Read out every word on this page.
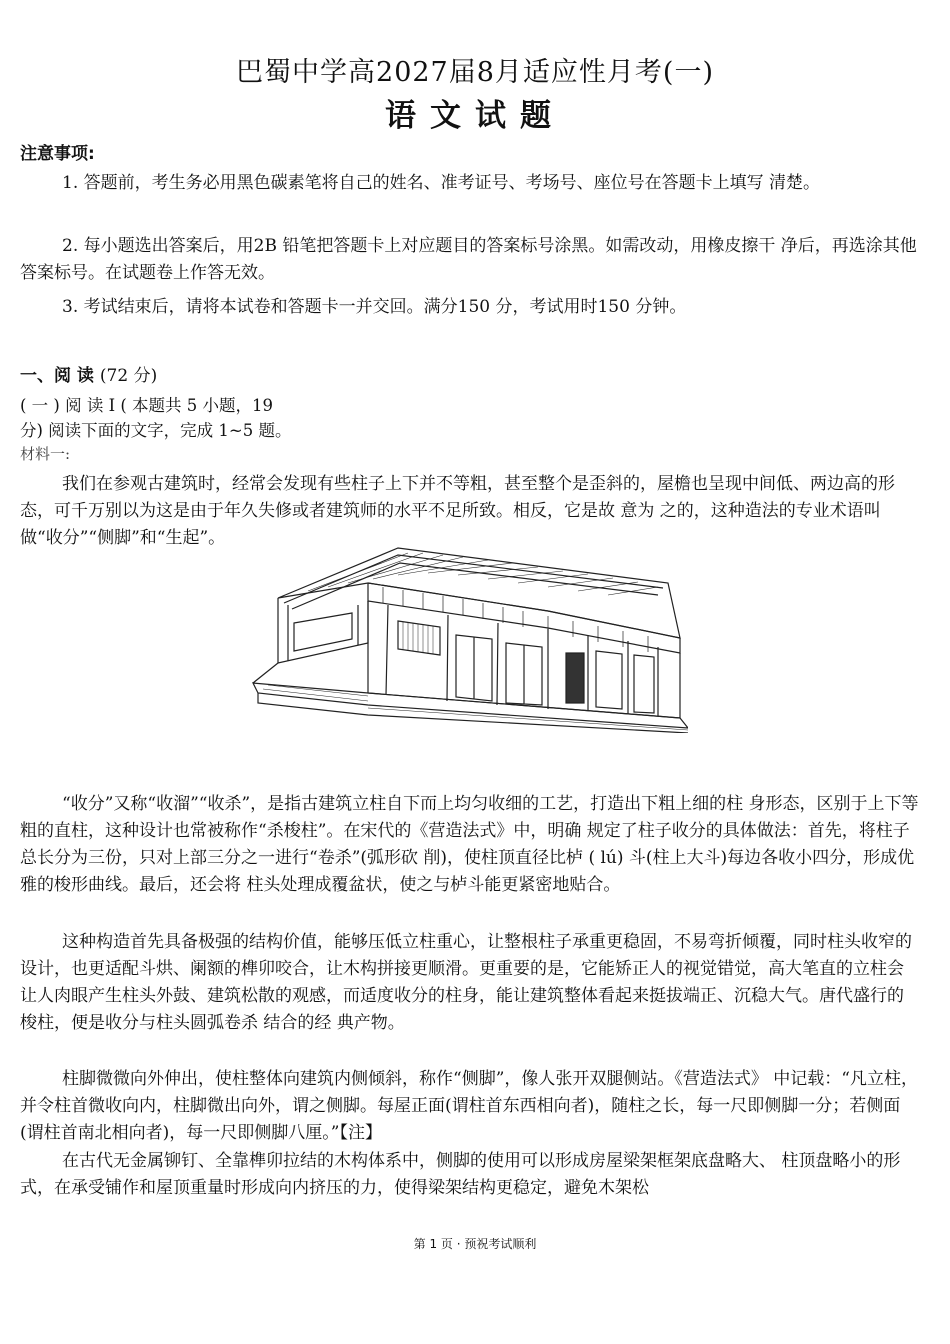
巴蜀中学高2027届8月适应性月考(一)
语文试题
注意事项:
1. 答题前，考生务必用黑色碳素笔将自己的姓名、准考证号、考场号、座位号在答题卡上填写 清楚。
2. 每小题选出答案后，用2B 铅笔把答题卡上对应题目的答案标号涂黑。如需改动，用橡皮擦干 净后，再选涂其他答案标号。在试题卷上作答无效。
3. 考试结束后，请将本试卷和答题卡一并交回。满分150 分，考试用时150 分钟。
一、阅 读 (72 分)
( 一 ) 阅 读 I ( 本题共 5 小题，19
分) 阅读下面的文字，完成 1~5 题。
材料一:
我们在参观古建筑时，经常会发现有些柱子上下并不等粗，甚至整个是歪斜的，屋檐也呈现中间低、两边高的形态，可千万别以为这是由于年久失修或者建筑师的水平不足所致。相反，它是故 意为 之的，这种造法的专业术语叫做“收分”“侧脚”和“生起”。
“收分”又称“收溜”“收杀”，是指古建筑立柱自下而上均匀收细的工艺，打造出下粗上细的柱 身形态，区别于上下等粗的直柱，这种设计也常被称作“杀梭柱”。在宋代的《营造法式》中，明确 规定了柱子收分的具体做法：首先，将柱子总长分为三份，只对上部三分之一进行“卷杀”(弧形砍 削)，使柱顶直径比栌 ( lú) 斗(柱上大斗)每边各收小四分，形成优雅的梭形曲线。最后，还会将 柱头处理成覆盆状，使之与栌斗能更紧密地贴合。
这种构造首先具备极强的结构价值，能够压低立柱重心，让整根柱子承重更稳固，不易弯折倾覆，同时柱头收窄的设计，也更适配斗烘、阑额的榫卯咬合，让木构拼接更顺滑。更重要的是，它能矫正人的视觉错觉，高大笔直的立柱会让人肉眼产生柱头外鼓、建筑松散的观感，而适度收分的柱身，能让建筑整体看起来挺拔端正、沉稳大气。唐代盛行的梭柱，便是收分与柱头圆弧卷杀 结合的经 典产物。
柱脚微微向外伸出，使柱整体向建筑内侧倾斜，称作“侧脚”，像人张开双腿侧站。《营造法式》 中记载：“凡立柱，并令柱首微收向内，柱脚微出向外，谓之侧脚。每屋正面(谓柱首东西相向者)，随柱之长，每一尺即侧脚一分；若侧面(谓柱首南北相向者)，每一尺即侧脚八厘。”【注】
在古代无金属铆钉、全靠榫卯拉结的木构体系中，侧脚的使用可以形成房屋梁架框架底盘略大、 柱顶盘略小的形式，在承受铺作和屋顶重量时形成向内挤压的力，使得梁架结构更稳定，避免木架松
第 1 页 · 预祝考试顺利
